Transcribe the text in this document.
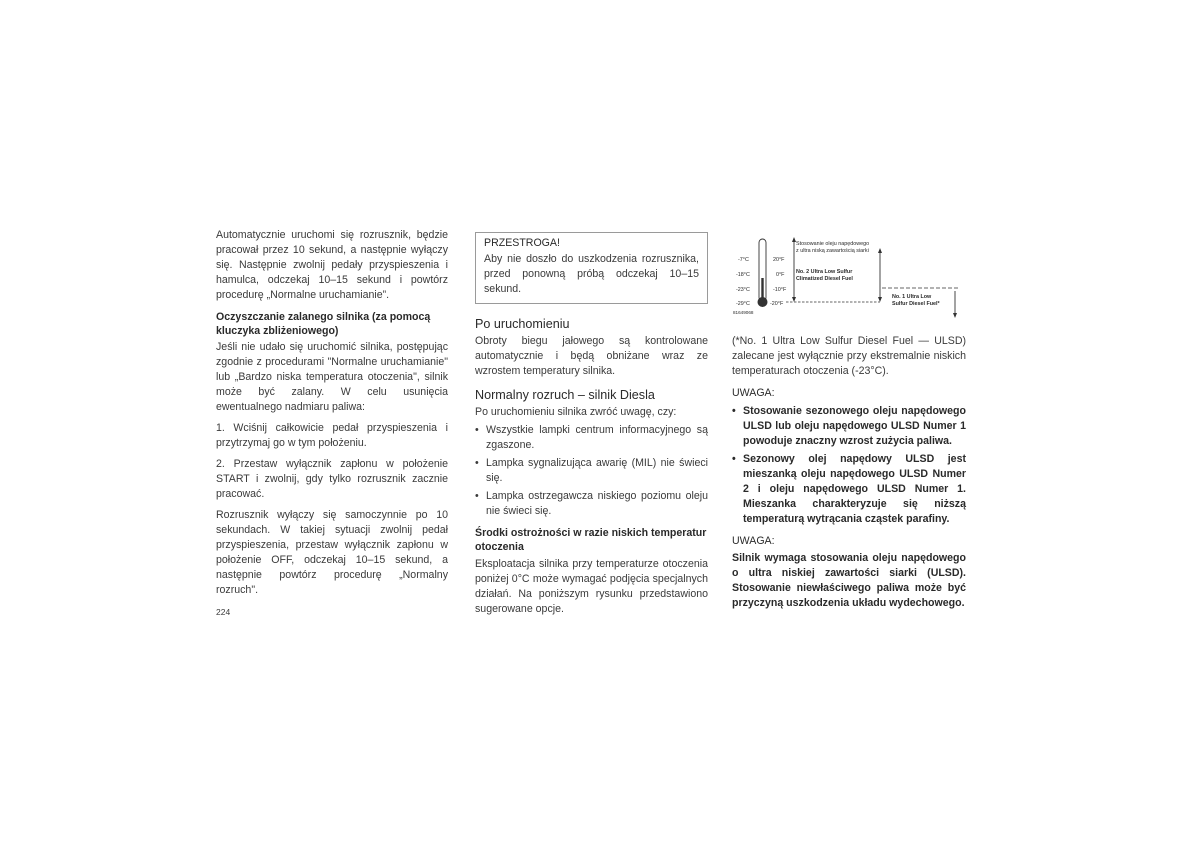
Automatycznie uruchomi się rozrusznik, będzie pracował przez 10 sekund, a następnie wyłączy się. Następnie zwolnij pedały przyspieszenia i hamulca, odczekaj 10–15 sekund i powtórz procedurę „Normalne uruchamianie”.

Oczyszczanie zalanego silnika (za pomocą kluczyka zbliżeniowego)

Jeśli nie udało się uruchomić silnika, postępując zgodnie z procedurami "Normalne uruchamianie" lub „Bardzo niska temperatura otoczenia", silnik może być zalany. W celu usunięcia ewentualnego nadmiaru paliwa:

1. Wciśnij całkowicie pedał przyspieszenia i przytrzymaj go w tym położeniu.

2. Przestaw wyłącznik zapłonu w położenie START i zwolnij, gdy tylko rozrusznik zacznie pracować.

Rozrusznik wyłączy się samoczynnie po 10 sekundach. W takiej sytuacji zwolnij pedał przyspieszenia, przestaw wyłącznik zapłonu w położenie OFF, odczekaj 10–15 sekund, a następnie powtórz procedurę „Normalny rozruch".

PRZESTROGA!

Aby nie doszło do uszkodzenia rozrusznika, przed ponowną próbą odczekaj 10–15 sekund.

Po uruchomieniu

Obroty biegu jałowego są kontrolowane automatycznie i będą obniżane wraz ze wzrostem temperatury silnika.

Normalny rozruch – silnik Diesla

Po uruchomieniu silnika zwróć uwagę, czy:

• Wszystkie lampki centrum informacyjnego są zgaszone.
• Lampka sygnalizująca awarię (MIL) nie świeci się.
• Lampka ostrzegawcza niskiego poziomu oleju nie świeci się.
Środki ostrożności w razie niskich temperatur otoczenia

Eksploatacja silnika przy temperaturze otoczenia poniżej 0°C może wymagać podjęcia specjalnych działań. Na poniższym rysunku przedstawiono sugerowane opcje.

-7°C
-18°C
-23°C
-29°C
20°F
0°F
-10°F
-20°F
Stosowanie oleju napędowego
z ultra niską zawartością siarki
No. 2 Ultra Low Sulfur
Climatized Diesel Fuel
No. 1 Ultra Low
Sulfur Diesel Fuel*
81649068

(*No. 1 Ultra Low Sulfur Diesel Fuel — ULSD) zalecane jest wyłącznie przy ekstremalnie niskich temperaturach otoczenia (-23°C).

UWAGA:
• Stosowanie sezonowego oleju napędowego ULSD lub oleju napędowego ULSD Numer 1 powoduje znaczny wzrost zużycia paliwa.
• Sezonowy olej napędowy ULSD jest mieszanką oleju napędowego ULSD Numer 2 i oleju napędowego ULSD Numer 1. Mieszanka charakteryzuje się niższą temperaturą wytrącania cząstek parafiny.
UWAGA:

Silnik wymaga stosowania oleju napędowego o ultra niskiej zawartości siarki (ULSD). Stosowanie niewłaściwego paliwa może być przyczyną uszkodzenia układu wydechowego.

224
